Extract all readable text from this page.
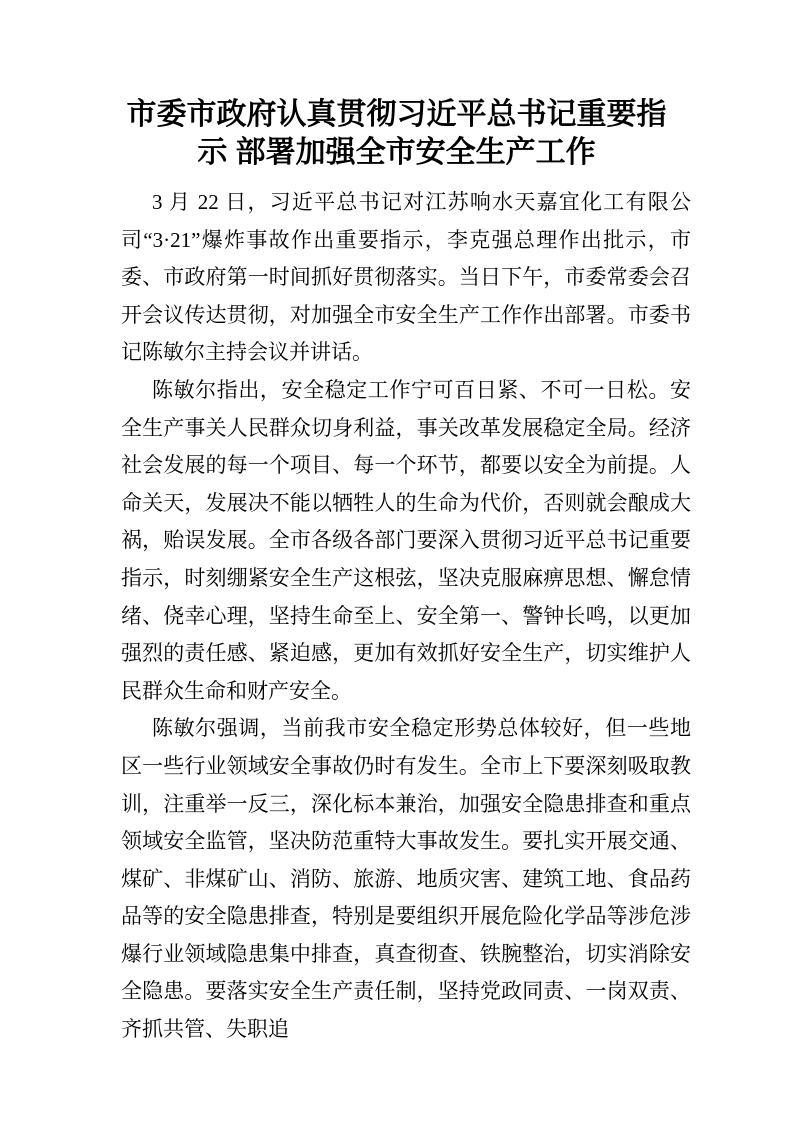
市委市政府认真贯彻习近平总书记重要指示 部署加强全市安全生产工作

3 月 22 日，习近平总书记对江苏响水天嘉宜化工有限公司“3·21”爆炸事故作出重要指示，李克强总理作出批示，市委、市政府第一时间抓好贯彻落实。当日下午，市委常委会召开会议传达贯彻，对加强全市安全生产工作作出部署。市委书记陈敏尔主持会议并讲话。

陈敏尔指出，安全稳定工作宁可百日紧、不可一日松。安全生产事关人民群众切身利益，事关改革发展稳定全局。经济社会发展的每一个项目、每一个环节，都要以安全为前提。人命关天，发展决不能以牺牲人的生命为代价，否则就会酿成大祸，贻误发展。全市各级各部门要深入贯彻习近平总书记重要指示，时刻绷紧安全生产这根弦，坚决克服麻痹思想、懈怠情绪、侥幸心理，坚持生命至上、安全第一、警钟长鸣，以更加强烈的责任感、紧迫感，更加有效抓好安全生产，切实维护人民群众生命和财产安全。

陈敏尔强调，当前我市安全稳定形势总体较好，但一些地区一些行业领域安全事故仍时有发生。全市上下要深刻吸取教训，注重举一反三，深化标本兼治，加强安全隐患排查和重点领域安全监管，坚决防范重特大事故发生。要扎实开展交通、煤矿、非煤矿山、消防、旅游、地质灾害、建筑工地、食品药品等的安全隐患排查，特别是要组织开展危险化学品等涉危涉爆行业领域隐患集中排查，真查彻查、铁腕整治，切实消除安全隐患。要落实安全生产责任制，坚持党政同责、一岗双责、齐抓共管、失职追
